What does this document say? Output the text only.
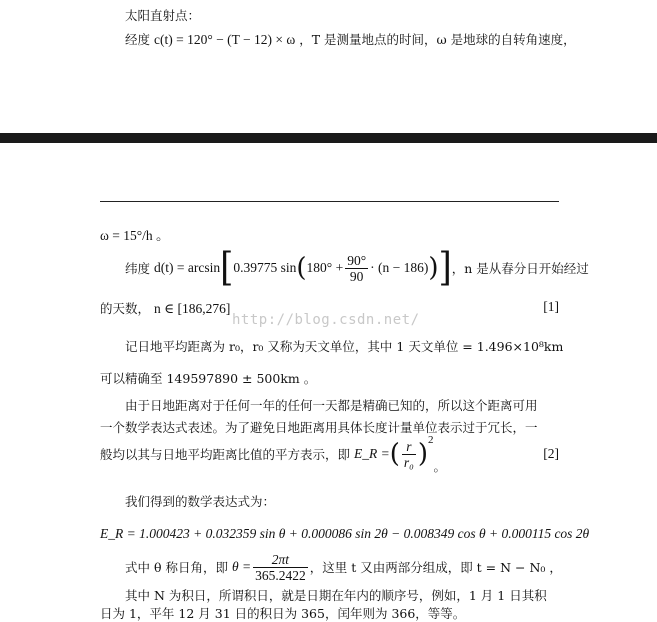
太阳直射点：
经度 c(t) = 120° − (T − 12) × ω ，T 是测量地点的时间，ω 是地球的自转角速度，
ω = 15°/h 。
纬度 d(t) = arcsin [ 0.39775 sin ( $180^\circ + \frac{90^\circ}{90} \cdot (n - 186)$ ) ] ，n 是从春分日开始经过
的天数， n ∈ [186,276]	[1]
http://blog.csdn.net/
记日地平均距离为 r₀，r₀ 又称为天文单位，其中 1 天文单位 = 1.496×10⁸km
可以精确至 149597890 ± 500km 。
由于日地距离对于任何一年的任何一天都是精确已知的，所以这个距离可用
一个数学表达式表述。为了避免日地距离用具体长度计量单位表示过于冗长，一
般均以其与日地平均距离比值的平方表示，即 E_R = ( $\frac{r}{\text{r₀}}$ ) 2
。
[2]
我们得到的数学表达式为：
E_R = 1.000423 + 0.032359 sin θ + 0.000086 sin 2θ − 0.008349 cos θ + 0.000115 cos 2θ
式中 θ 称日角，即 $\theta = \frac{2\pi t}{365.2422}$ ，这里 t 又由两部分组成，即 t = N − N₀ ，
其中 N 为积日，所谓积日，就是日期在年内的顺序号，例如，1 月 1 日其积
日为 1，平年 12 月 31 日的积日为 365，闰年则为 366，等等。
